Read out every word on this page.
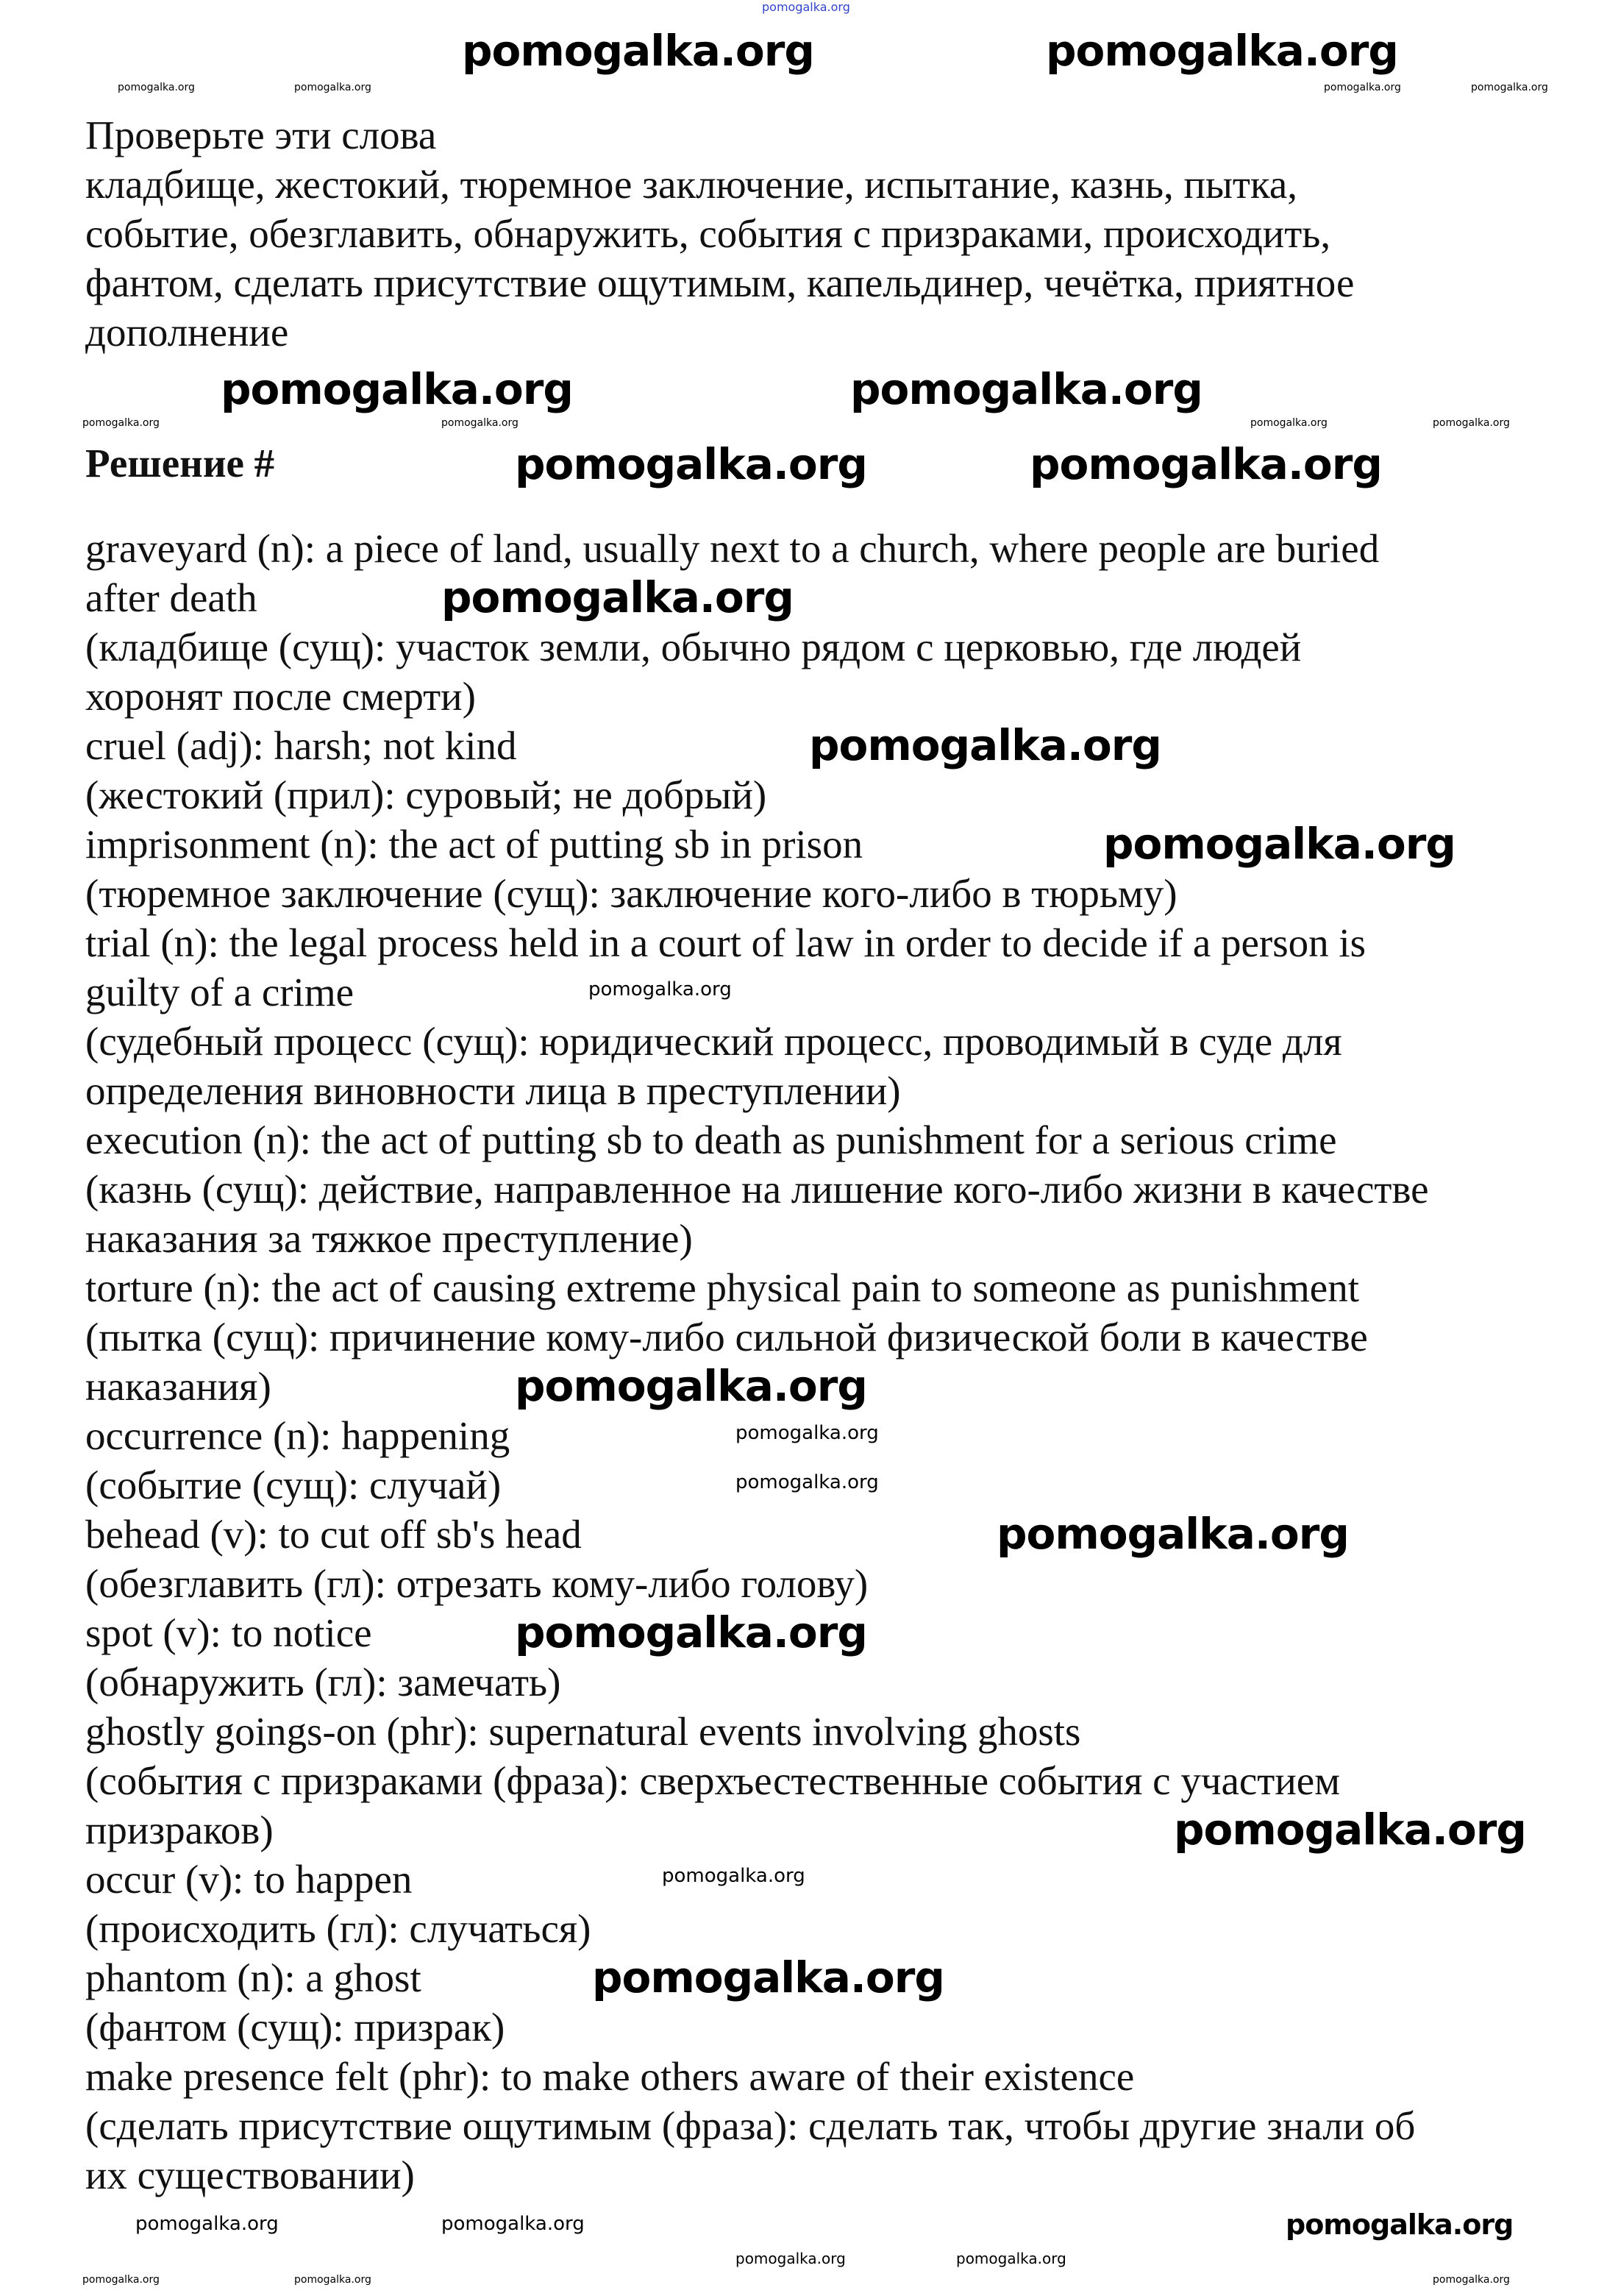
Проверьте эти слова
кладбище, жестокий, тюремное заключение, испытание, казнь, пытка,
событие, обезглавить, обнаружить, события с призраками, происходить,
фантом, сделать присутствие ощутимым, капельдинер, чечётка, приятное
дополнение
Решение #
graveyard (n): a piece of land, usually next to a church, where people are buried
after death
(кладбище (сущ): участок земли, обычно рядом с церковью, где людей
хоронят после смерти)
cruel (adj): harsh; not kind
(жестокий (прил): суровый; не добрый)
imprisonment (n): the act of putting sb in prison
(тюремное заключение (сущ): заключение кого-либо в тюрьму)
trial (n): the legal process held in a court of law in order to decide if a person is
guilty of a crime
(судебный процесс (сущ): юридический процесс, проводимый в суде для
определения виновности лица в преступлении)
execution (n): the act of putting sb to death as punishment for a serious crime
(казнь (сущ): действие, направленное на лишение кого-либо жизни в качестве
наказания за тяжкое преступление)
torture (n): the act of causing extreme physical pain to someone as punishment
(пытка (сущ): причинение кому-либо сильной физической боли в качестве
наказания)
occurrence (n): happening
(событие (сущ): случай)
behead (v): to cut off sb's head
(обезглавить (гл): отрезать кому-либо голову)
spot (v): to notice
(обнаружить (гл): замечать)
ghostly goings-on (phr): supernatural events involving ghosts
(события с призраками (фраза): сверхъестественные события с участием
призраков)
occur (v): to happen
(происходить (гл): случаться)
phantom (n): a ghost
(фантом (сущ): призрак)
make presence felt (phr): to make others aware of their existence
(сделать присутствие ощутимым (фраза): сделать так, чтобы другие знали об
их существовании)
pomogalka.org
pomogalka.org	pomogalka.org
pomogalka.org	pomogalka.org
pomogalka.org	pomogalka.org
pomogalka.org
pomogalka.org
pomogalka.org
pomogalka.org
pomogalka.org
pomogalka.org
pomogalka.org
pomogalka.org
pomogalka.org
pomogalka.org
pomogalka.org
pomogalka.org
pomogalka.org	pomogalka.org	pomogalka.org
pomogalka.org	pomogalka.org
pomogalka.org	pomogalka.org	pomogalka.org	pomogalka.org
pomogalka.org	pomogalka.org	pomogalka.org	pomogalka.org
pomogalka.org	pomogalka.org	pomogalka.org
